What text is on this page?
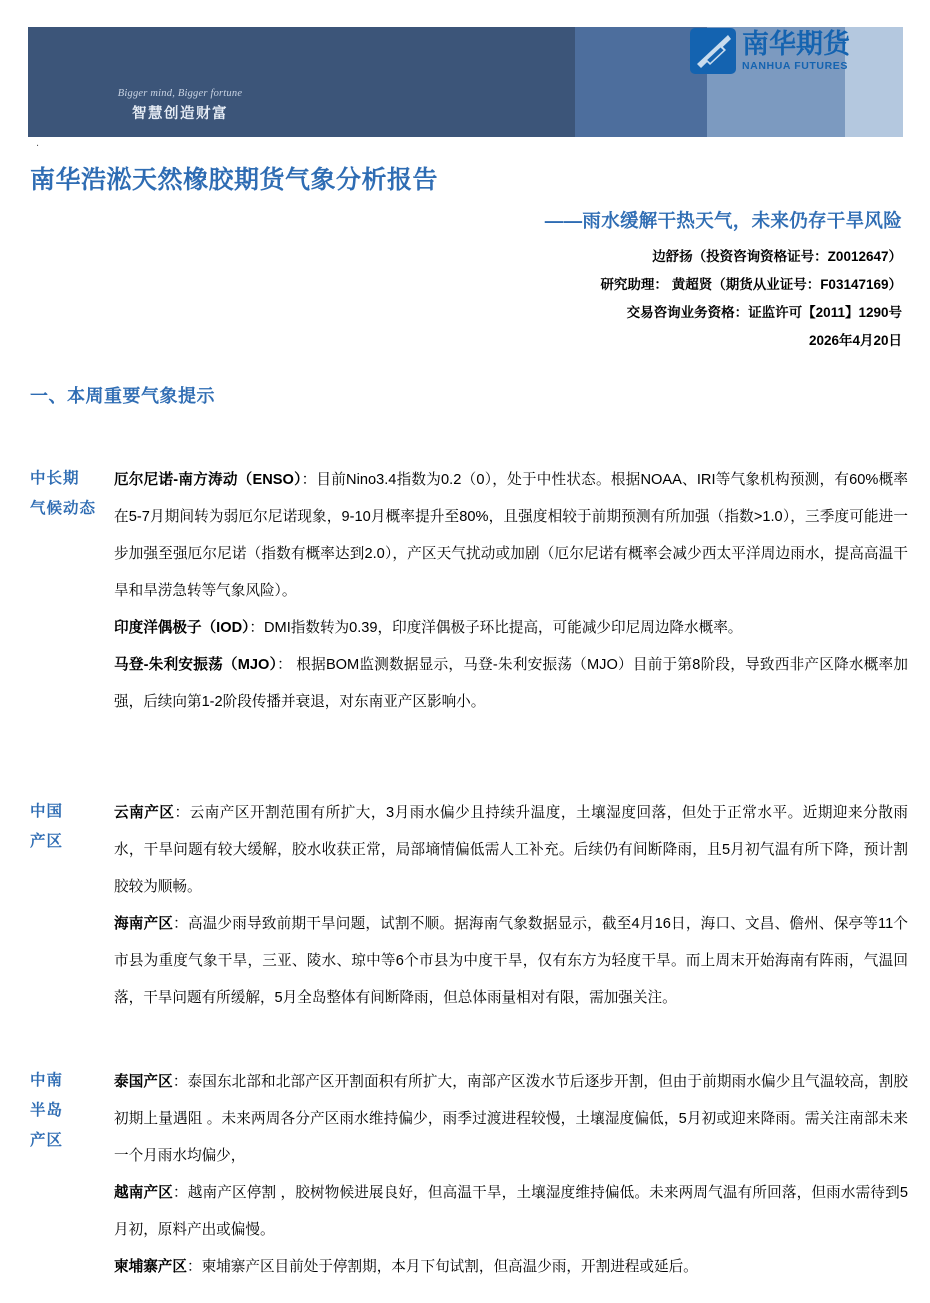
Bigger mind, Bigger fortune
智慧创造财富
南华期货
NANHUA FUTURES
.
南华浩淞天然橡胶期货气象分析报告
——雨水缓解干热天气，未来仍存干旱风险
边舒扬（投资咨询资格证号：Z0012647）
研究助理： 黄超贤（期货从业证号：F03147169）
交易咨询业务资格：证监许可【2011】1290号
2026年4月20日
一、本周重要气象提示
中长期
气候动态

厄尔尼诺-南方涛动（ENSO）：目前Nino3.4指数为0.2（0），处于中性状态。根据NOAA、IRI等气象机构预测，有60%概率在5-7月期间转为弱厄尔尼诺现象，9-10月概率提升至80%，且强度相较于前期预测有所加强（指数>1.0），三季度可能进一步加强至强厄尔尼诺（指数有概率达到2.0），产区天气扰动或加剧（厄尔尼诺有概率会减少西太平洋周边雨水，提高高温干旱和旱涝急转等气象风险）。

印度洋偶极子（IOD）：DMI指数转为0.39，印度洋偶极子环比提高，可能减少印尼周边降水概率。

马登-朱利安振荡（MJO）： 根据BOM监测数据显示，马登-朱利安振荡（MJO）目前于第8阶段，导致西非产区降水概率加强，后续向第1-2阶段传播并衰退，对东南亚产区影响小。

中国
产区

云南产区：云南产区开割范围有所扩大，3月雨水偏少且持续升温度，土壤湿度回落，但处于正常水平。近期迎来分散雨水，干旱问题有较大缓解，胶水收获正常，局部墒情偏低需人工补充。后续仍有间断降雨，且5月初气温有所下降，预计割胶较为顺畅。

海南产区：高温少雨导致前期干旱问题，试割不顺。据海南气象数据显示，截至4月16日，海口、文昌、儋州、保亭等11个市县为重度气象干旱，三亚、陵水、琼中等6个市县为中度干旱，仅有东方为轻度干旱。而上周末开始海南有阵雨，气温回落，干旱问题有所缓解，5月全岛整体有间断降雨，但总体雨量相对有限，需加强关注。

中南
半岛
产区

泰国产区：泰国东北部和北部产区开割面积有所扩大，南部产区泼水节后逐步开割，但由于前期雨水偏少且气温较高，割胶初期上量遇阻 。未来两周各分产区雨水维持偏少，雨季过渡进程较慢，土壤湿度偏低，5月初或迎来降雨。需关注南部未来一个月雨水均偏少，

越南产区：越南产区停割 ，胶树物候进展良好，但高温干旱，土壤湿度维持偏低。未来两周气温有所回落，但雨水需待到5月初，原料产出或偏慢。

柬埔寨产区：柬埔寨产区目前处于停割期，本月下旬试割，但高温少雨，开割进程或延后。
